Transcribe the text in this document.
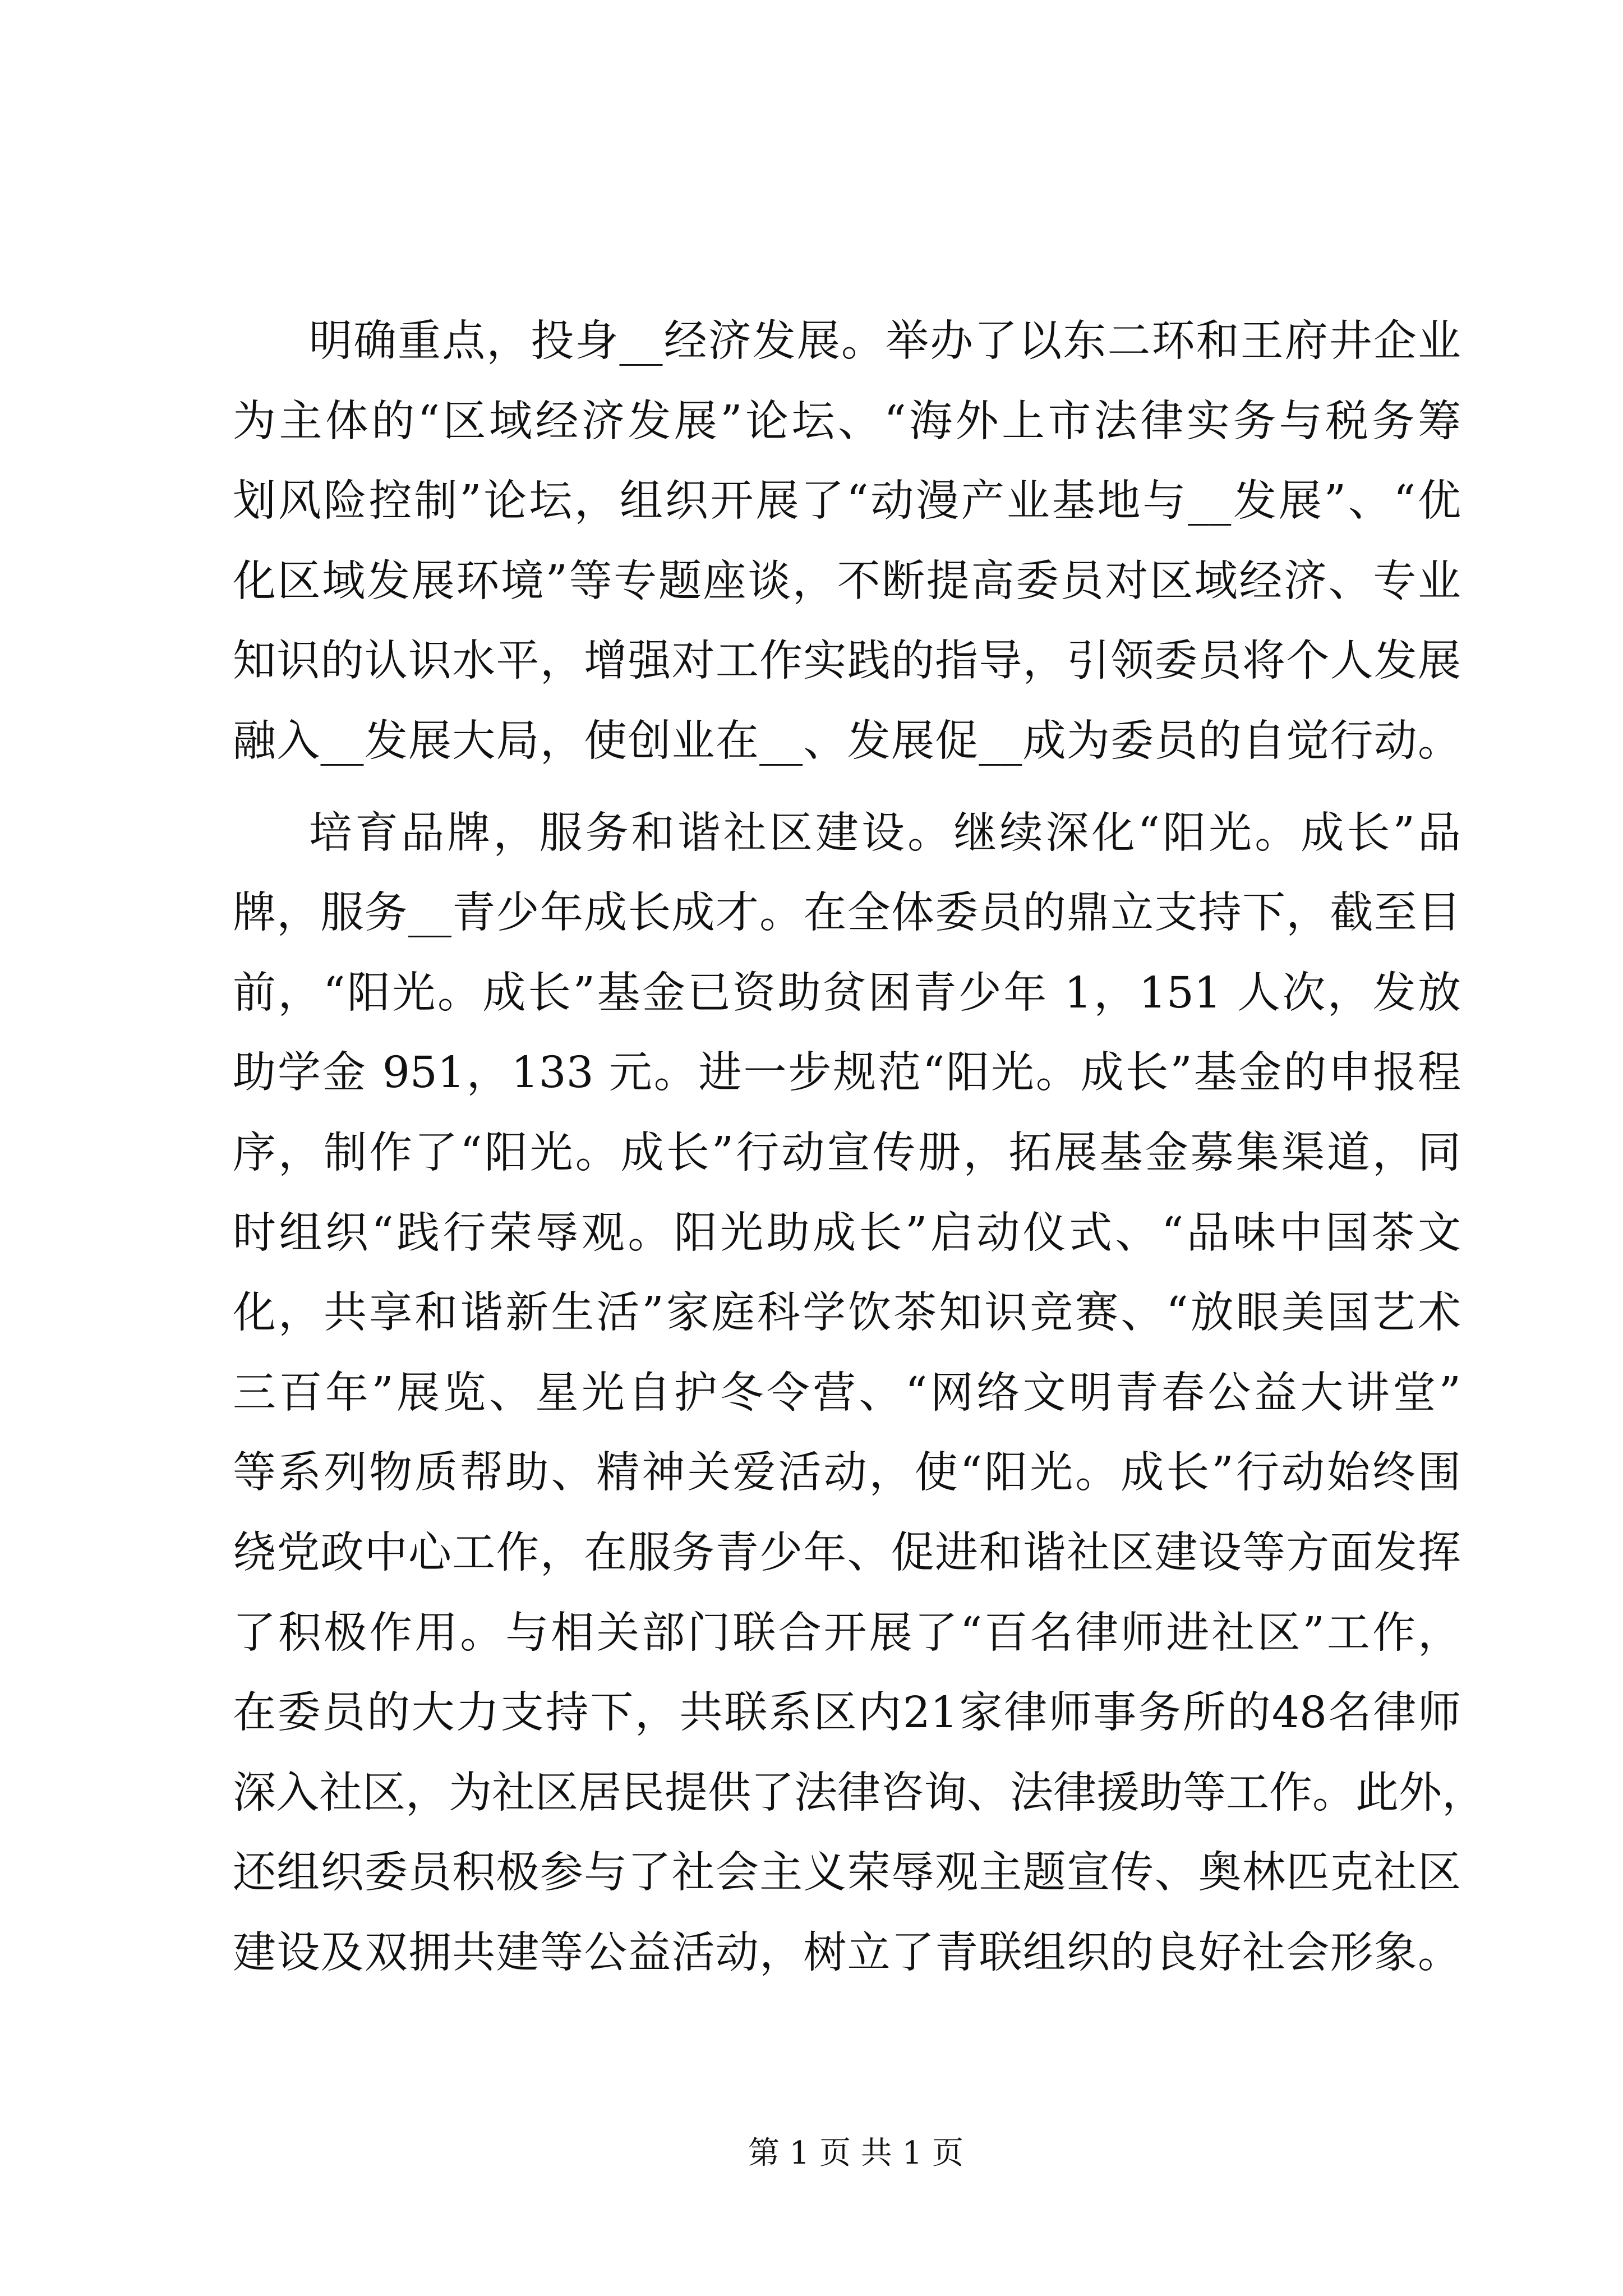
明确重点，投身__经济发展。举办了以东二环和王府井企业
为主体的“区域经济发展”论坛、“海外上市法律实务与税务筹
划风险控制”论坛，组织开展了“动漫产业基地与__发展”、“优
化区域发展环境”等专题座谈，不断提高委员对区域经济、专业
知识的认识水平，增强对工作实践的指导，引领委员将个人发展
融入__发展大局，使创业在__、发展促__成为委员的自觉行动。
培育品牌，服务和谐社区建设。继续深化“阳光。成长”品
牌，服务__青少年成长成才。在全体委员的鼎立支持下，截至目
前，“阳光。成长”基金已资助贫困青少年 1，151 人次，发放
助学金 951，133 元。进一步规范“阳光。成长”基金的申报程
序，制作了“阳光。成长”行动宣传册，拓展基金募集渠道，同
时组织“践行荣辱观。阳光助成长”启动仪式、“品味中国茶文
化，共享和谐新生活”家庭科学饮茶知识竞赛、“放眼美国艺术
三百年”展览、星光自护冬令营、“网络文明青春公益大讲堂”
等系列物质帮助、精神关爱活动，使“阳光。成长”行动始终围
绕党政中心工作，在服务青少年、促进和谐社区建设等方面发挥
了积极作用。与相关部门联合开展了“百名律师进社区”工作，
在委员的大力支持下，共联系区内21家律师事务所的48名律师
深入社区，为社区居民提供了法律咨询、法律援助等工作。此外，
还组织委员积极参与了社会主义荣辱观主题宣传、奥林匹克社区
建设及双拥共建等公益活动，树立了青联组织的良好社会形象。
第 1 页 共 1 页
